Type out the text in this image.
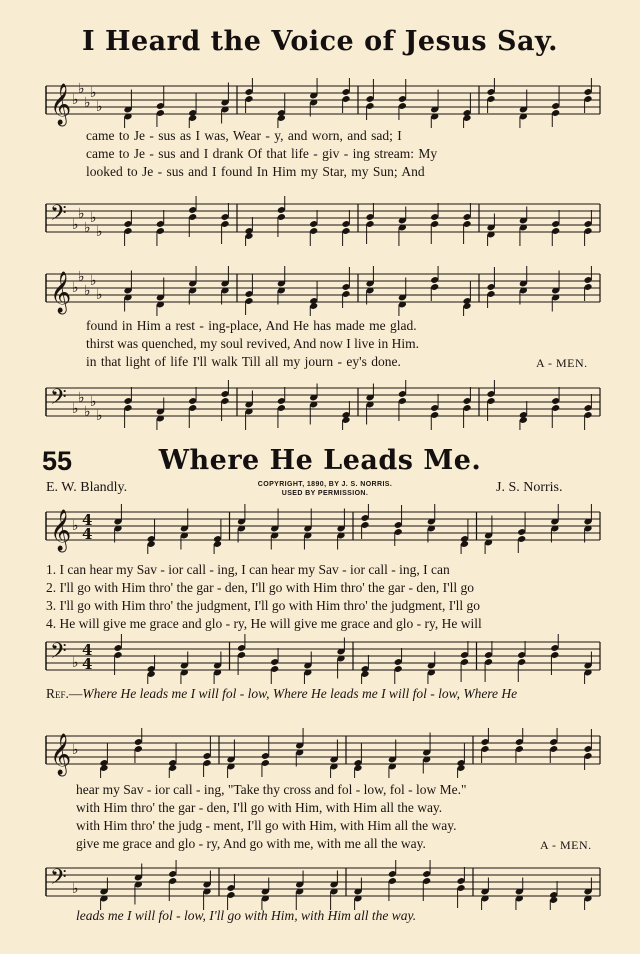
I Heard the Voice of Jesus Say.
𝄞 ♭
♭
♭
♭
♭
came to Je - sus as I was, Wear - y, and worn, and sad; I
came to Je - sus and I drank Of that life - giv - ing stream: My
looked to Je - sus and I found In Him my Star, my Sun; And
𝄢 ♭
♭
♭
♭
♭
𝄞 ♭
♭
♭
♭
♭
found in Him a rest - ing-place, And He has made me glad.
thirst was quenched, my soul revived, And now I live in Him.
in that light of life I'll walk Till all my journ - ey's done.	A - MEN.
𝄢 ♭
♭
♭
♭
♭
55	Where He Leads Me.
E. W. Blandly.	J. S. Norris.
COPYRIGHT, 1890, BY J. S. NORRIS.
USED BY PERMISSION.
𝄞 ♭ 4
4
1. I can hear my Sav - ior call - ing, I can hear my Sav - ior call - ing, I can
2. I'll go with Him thro' the gar - den, I'll go with Him thro' the gar - den, I'll go
3. I'll go with Him thro' the judgment, I'll go with Him thro' the judgment, I'll go
4. He will give me grace and glo - ry, He will give me grace and glo - ry, He will
𝄢 ♭
4
4
Ref.—Where He leads me I will fol - low, Where He leads me I will fol - low, Where He
𝄞 ♭
hear my Sav - ior call - ing, "Take thy cross and fol - low, fol - low Me."
with Him thro' the gar - den, I'll go with Him, with Him all the way.
with Him thro' the judg - ment, I'll go with Him, with Him all the way.
give me grace and glo - ry, And go with me, with me all the way.	A - MEN.
𝄢 ♭
leads me I will fol - low, I'll go with Him, with Him all the way.
